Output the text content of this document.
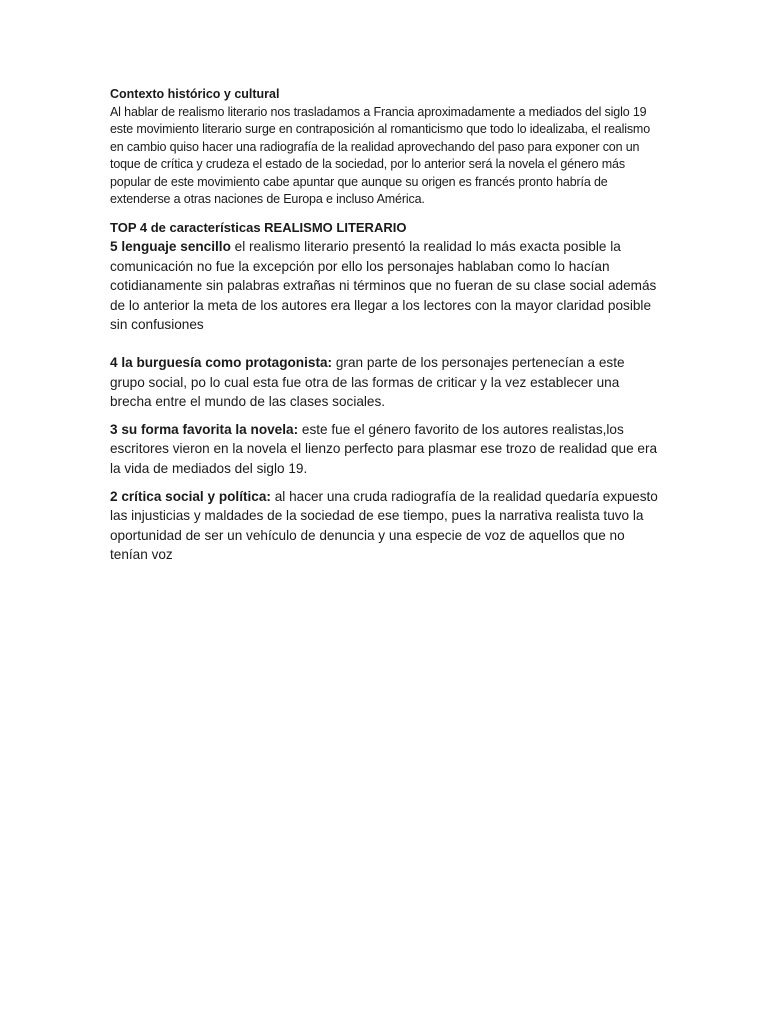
Contexto histórico y cultural

Al hablar de realismo literario nos trasladamos a Francia aproximadamente a mediados del siglo 19 este movimiento literario surge en contraposición al romanticismo que todo lo idealizaba, el realismo en cambio quiso hacer una radiografía de la realidad aprovechando del paso para exponer con un toque de crítica y crudeza el estado de la sociedad, por lo anterior será la novela el género más popular de este movimiento cabe apuntar que aunque su origen es francés pronto habría de extenderse a otras naciones de Europa e incluso América.

TOP 4 de características REALISMO LITERARIO

5 lenguaje sencillo el realismo literario presentó la realidad lo más exacta posible la comunicación no fue la excepción por ello los personajes hablaban como lo hacían cotidianamente sin palabras extrañas ni términos que no fueran de su clase social además de lo anterior la meta de los autores era llegar a los lectores con la mayor claridad posible sin confusiones

4 la burguesía como protagonista: gran parte de los personajes pertenecían a este grupo social, po lo cual esta fue otra de las formas de criticar y la vez establecer una brecha entre el mundo de las clases sociales.

3 su forma favorita la novela: este fue el género favorito de los autores realistas,los escritores vieron en la novela el lienzo perfecto para plasmar ese trozo de realidad que era la vida de mediados del siglo 19.

2 crítica social y política: al hacer una cruda radiografía de la realidad quedaría expuesto las injusticias y maldades de la sociedad de ese tiempo, pues la narrativa realista tuvo la oportunidad de ser un vehículo de denuncia y una especie de voz de aquellos que no tenían voz
